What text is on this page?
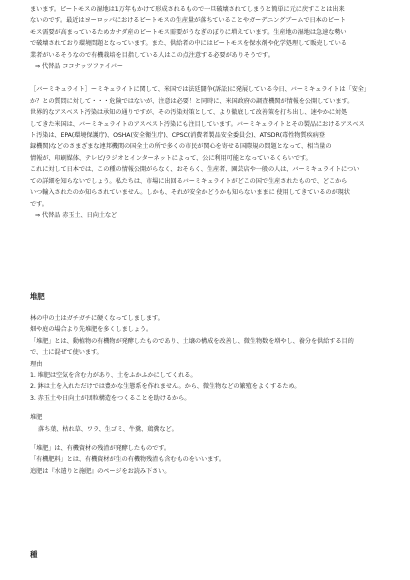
まいます。ピートモスの湿地は1万年もかけて形成されるもので一旦破壊されてしまうと簡単に元に戻すことは出来

ないのです。最近はヨーロッパにおけるピートモスの生産量が落ちていることやガーデニングブームで日本のピート

モス需要が高まっているためカナダ産のピートモス需要がうなぎのぼりに増えています。生産地の湿地は急速な勢い

で破壊されており環境問題となっています。また、供給者の中にはピートモスを保水剤や化学処理して販売している

業者がいるそうなので有機栽培を目指している人はこの点注意する必要がありそうです。

⇒ 代替品 ココナッツファイバー

［バーミキュライト］ーミキュライトに関して、米国では法廷闘争(訴訟)に発展している今日、バーミキュライトは「安全」

か？との質問に対して・・・危険ではないが、注意は必要！と同時に、米国政府の調査機関が情報を公開しています。

世界的なアスベスト汚染は承知の通りですが、その汚染対策として、より徹底して改善策を打ち出し、速やかに対処

してきた米国は、バーミキュライトのアスベスト汚染にも注目しています。バーミキュライトとその製品におけるアスベス

ト汚染は、EPA(環境保護庁)、OSHA(安全衛生庁)、CPSC(消費者製品安全委員会)、ATSDR(毒性物質疾病登

録機関)などのさまざまな連邦機関の国全土の所で多くの市民が関心を寄せる国際規の問題となって、相当量の

情報が、印刷媒体、テレビ/ラジオとインターネットによって、公に利用可能となっているくらいです。

これに対して日本では、この種の情報公開がらなく、おそらく、生産者、園芸店や一般の人は、バーミキュライトについ

ての詳細を知らないでしょう。私たちは、市場に出回るバーミキュライトがどこの国で生産されたもので、どこから

いつ輸入されたのか知らされていません。しかも、それが安全かどうかも知らないままに 使用してきているのが現状

です。

⇒ 代替品 赤玉土、日向土など

堆肥

林の中の土はガチガチに硬くなってしまします。

畑や庭の場合より先堆肥を多くしましょう。

「堆肥」とは、動植物の有機物が発酵したものであり、土壌の構成を改善し、微生物数を増やし、養分を供給する目的

で、土に混ぜて使います。

理由

1. 堆肥は空気を含む力があり、土をふかふかにしてくれる。

2. 鉢は土を入れただけでは豊かな生態系を作れません。から、微生物などの繁殖をよくするため。

3. 赤玉土や日向土が団粒構造をつくることを助けるから。

堆肥

落ち葉、枯れ草、ワラ、生ゴミ、牛糞、鶏糞など。

「堆肥」は、有機資材の残渣が発酵したものです。

「有機肥料」とは、有機資材が生の有機物残渣も含むものをいいます。

追肥は『水遣りと施肥』のページをお読み下さい。

種
